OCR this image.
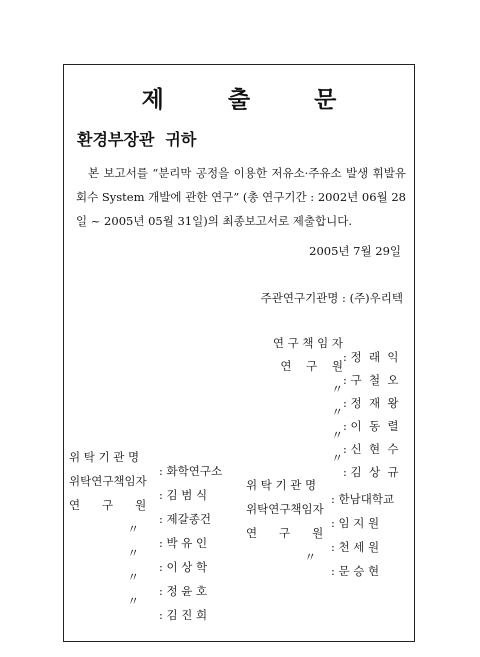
제 출 문
환경부장관  귀하
본 보고서를 “분리막 공정을 이용한 저유소·주유소 발생 휘발유 회수 System 개발에 관한 연구” (총 연구기간 : 2002년 06월 28일 ~ 2005년 05월 31일)의 최종보고서로 제출합니다.
2005년 7월 29일
주관연구기관명 : (주)우리텍

연 구 책 임 자

: 정  래  익

연    구    원

: 구  철  오

〃

: 정  재  왕

〃

: 이  동  렬

〃

: 신  현  수

〃

: 김  상  규

위 탁 기 관 명

: 화학연구소

위 탁 기 관 명

: 한남대학교

위탁연구책임자

: 김 범 식

위탁연구책임자

: 임 지 원

연      구      원

: 제갈종건

연      구      원

: 천 세 원

〃

: 박 유 인

〃

: 문 승 현

〃

: 이 상 학

〃

: 정 윤 호

〃

: 김 진 희
